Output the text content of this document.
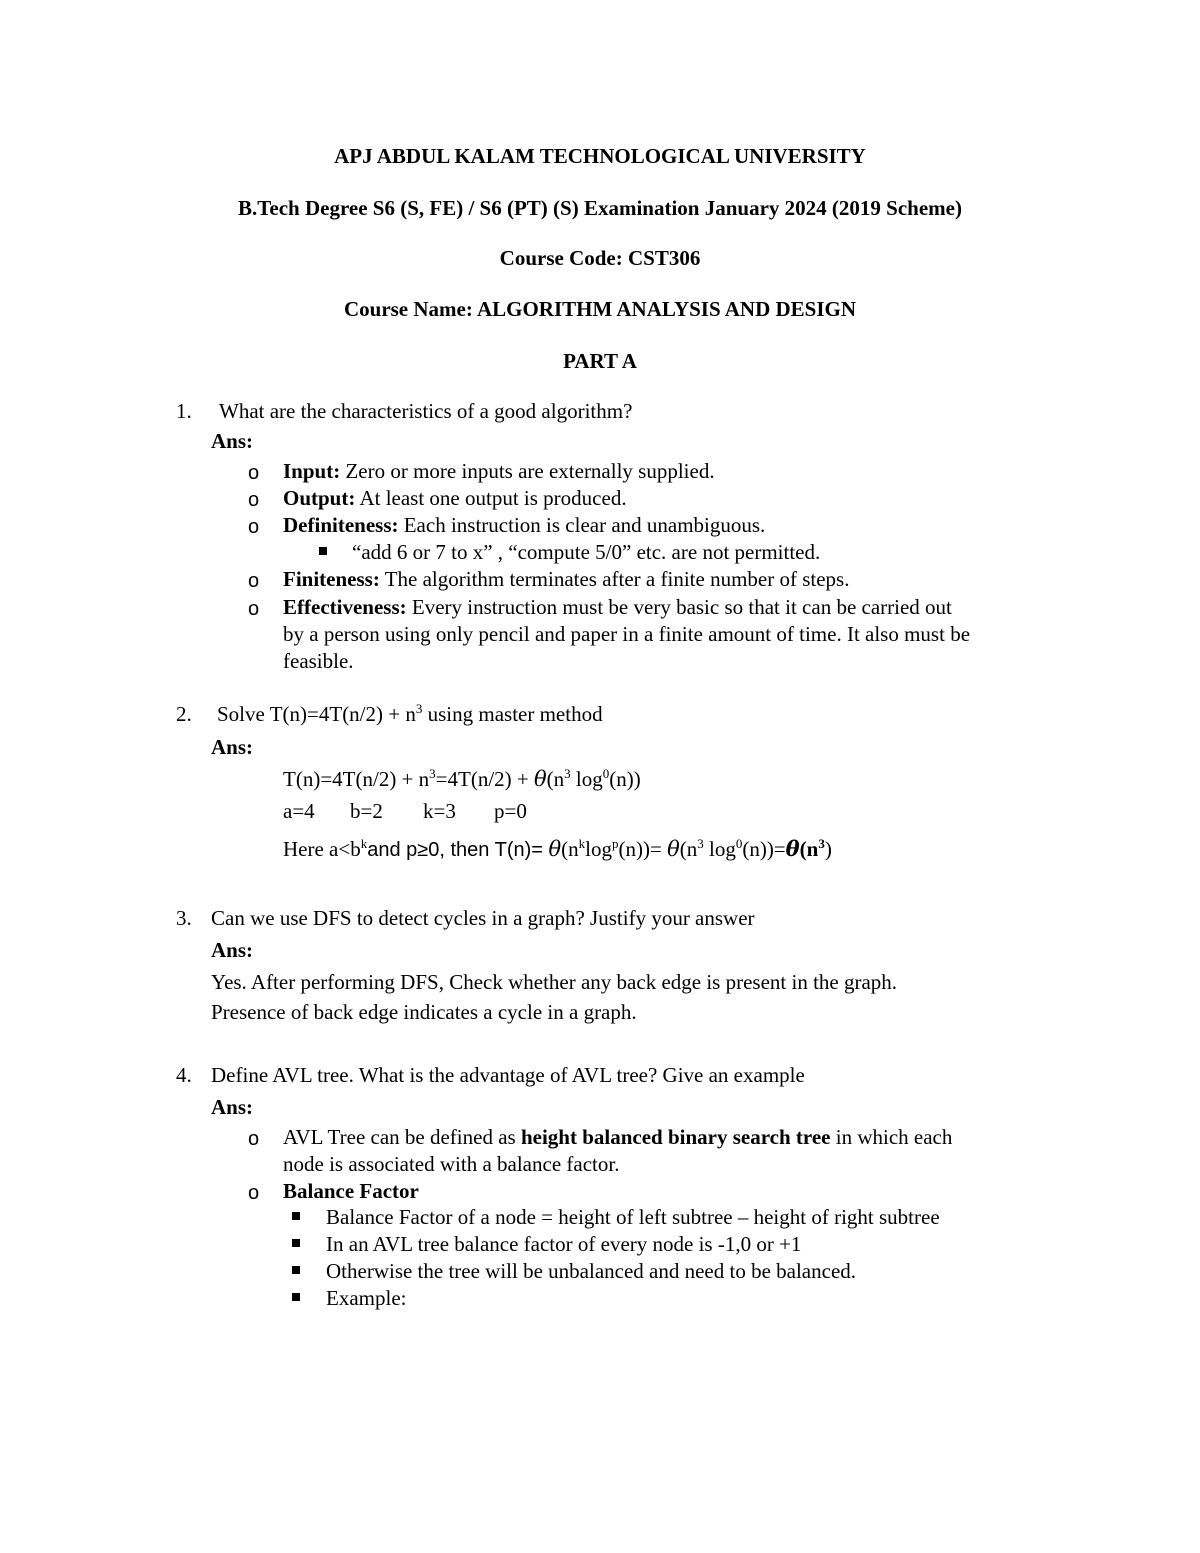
APJ ABDUL KALAM TECHNOLOGICAL UNIVERSITY
B.Tech Degree S6 (S, FE) / S6 (PT) (S) Examination January 2024 (2019 Scheme)
Course Code: CST306
Course Name: ALGORITHM ANALYSIS AND DESIGN
PART A
1. What are the characteristics of a good algorithm?
Ans:
o Input: Zero or more inputs are externally supplied.
o Output: At least one output is produced.
o Definiteness: Each instruction is clear and unambiguous.
“add 6 or 7 to x” , “compute 5/0” etc. are not permitted.
o Finiteness: The algorithm terminates after a finite number of steps.
o Effectiveness: Every instruction must be very basic so that it can be carried out
by a person using only pencil and paper in a finite amount of time. It also must be
feasible.
2. Solve $T(n)=4T(n/2) + n^3$ using master method
Ans:
$T(n)=4T(n/2) + n^3=4T(n/2) + \theta(n^3$ $\log^0(n)$)
a=4 b=2 k=3 p=0
Here $a<b^kand$ p≥0, then $T(n)= \theta(n^k\log^p(n))= \theta(n^3$ $\log^0(n))=\theta(n^3)$
3. Can we use DFS to detect cycles in a graph? Justify your answer
Ans:
Yes. After performing DFS, Check whether any back edge is present in the graph.
Presence of back edge indicates a cycle in a graph.
4. Define AVL tree. What is the advantage of AVL tree? Give an example
Ans:
o AVL Tree can be defined as height balanced binary search tree in which each
node is associated with a balance factor.
o Balance Factor
Balance Factor of a node = height of left subtree – height of right subtree
In an AVL tree balance factor of every node is -1,0 or +1
Otherwise the tree will be unbalanced and need to be balanced.
Example:
